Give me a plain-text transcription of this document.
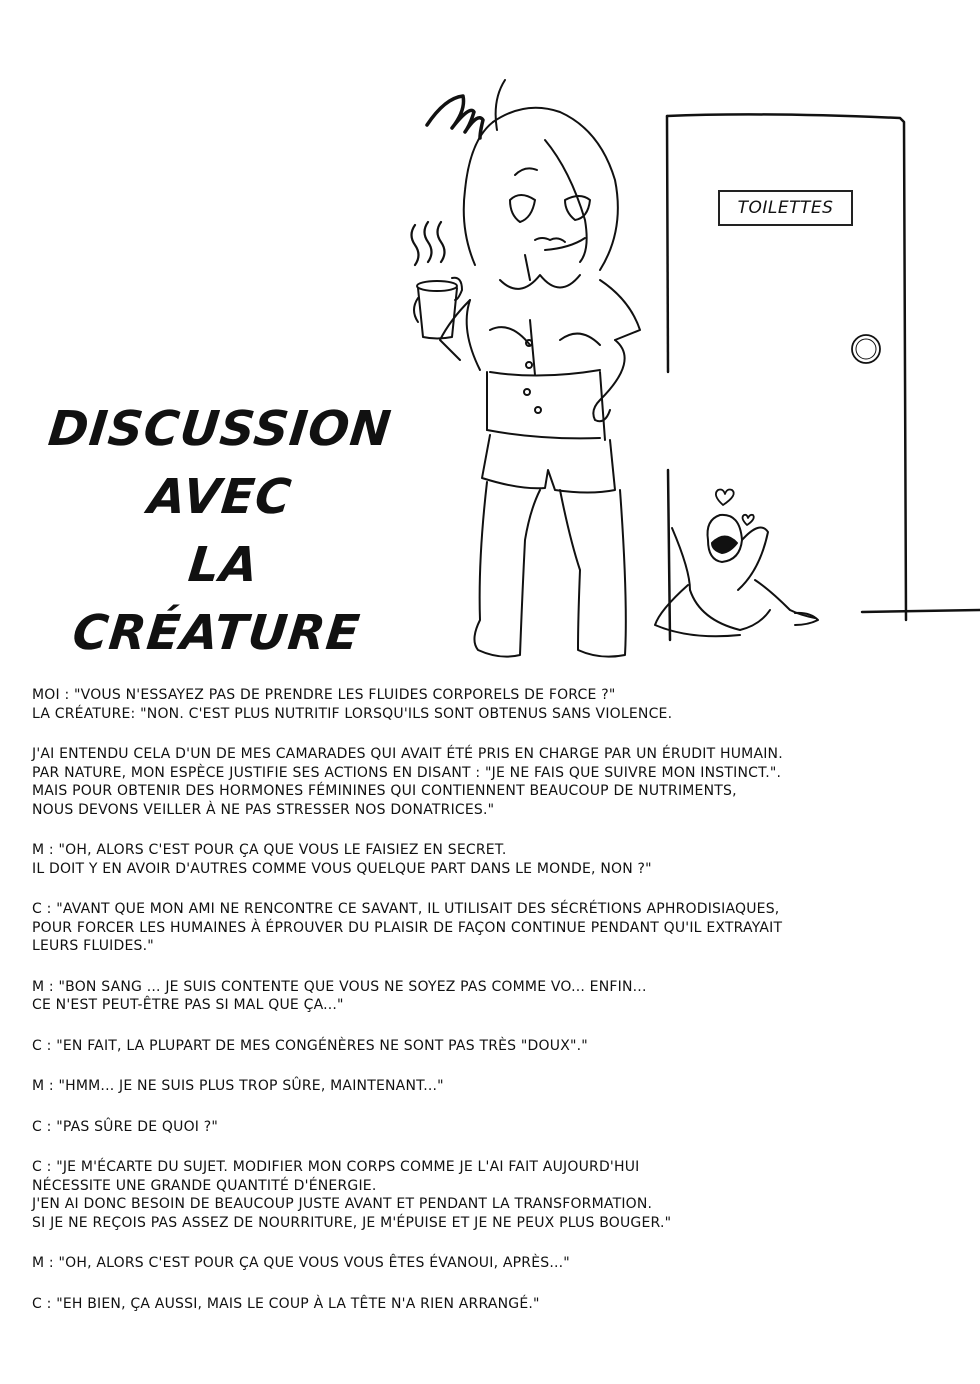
TOILETTES
DISCUSSION
AVEC
LA CRÉATURE
MOI : "VOUS N'ESSAYEZ PAS DE PRENDRE LES FLUIDES CORPORELS DE FORCE ?"
LA CRÉATURE: "NON. C'EST PLUS NUTRITIF LORSQU'ILS SONT OBTENUS SANS VIOLENCE.
J'AI ENTENDU CELA D'UN DE MES CAMARADES QUI AVAIT ÉTÉ PRIS EN CHARGE PAR UN ÉRUDIT HUMAIN.
PAR NATURE, MON ESPÈCE JUSTIFIE SES ACTIONS EN DISANT : "JE NE FAIS QUE SUIVRE MON INSTINCT.".
MAIS POUR OBTENIR DES HORMONES FÉMININES QUI CONTIENNENT BEAUCOUP DE NUTRIMENTS,
NOUS DEVONS VEILLER À NE PAS STRESSER NOS DONATRICES."
M : "OH, ALORS C'EST POUR ÇA QUE VOUS LE FAISIEZ EN SECRET.
IL DOIT Y EN AVOIR D'AUTRES COMME VOUS QUELQUE PART DANS LE MONDE, NON ?"
C : "AVANT QUE MON AMI NE RENCONTRE CE SAVANT, IL UTILISAIT DES SÉCRÉTIONS APHRODISIAQUES,
POUR FORCER LES HUMAINES À ÉPROUVER DU PLAISIR DE FAÇON CONTINUE PENDANT QU'IL EXTRAYAIT
LEURS FLUIDES."
M : "BON SANG ... JE SUIS CONTENTE QUE VOUS NE SOYEZ PAS COMME VO... ENFIN...
CE N'EST PEUT-ÊTRE PAS SI MAL QUE ÇA..."
C : "EN FAIT, LA PLUPART DE MES CONGÉNÈRES NE SONT PAS TRÈS "DOUX"."
M : "HMM... JE NE SUIS PLUS TROP SÛRE, MAINTENANT..."
C : "PAS SÛRE DE QUOI ?"
C : "JE M'ÉCARTE DU SUJET. MODIFIER MON CORPS COMME JE L'AI FAIT AUJOURD'HUI
NÉCESSITE UNE GRANDE QUANTITÉ D'ÉNERGIE.
J'EN AI DONC BESOIN DE BEAUCOUP JUSTE AVANT ET PENDANT LA TRANSFORMATION.
SI JE NE REÇOIS PAS ASSEZ DE NOURRITURE, JE M'ÉPUISE ET JE NE PEUX PLUS BOUGER."
M : "OH, ALORS C'EST POUR ÇA QUE VOUS VOUS ÊTES ÉVANOUI, APRÈS..."
C : "EH BIEN, ÇA AUSSI, MAIS LE COUP À LA TÊTE N'A RIEN ARRANGÉ."
